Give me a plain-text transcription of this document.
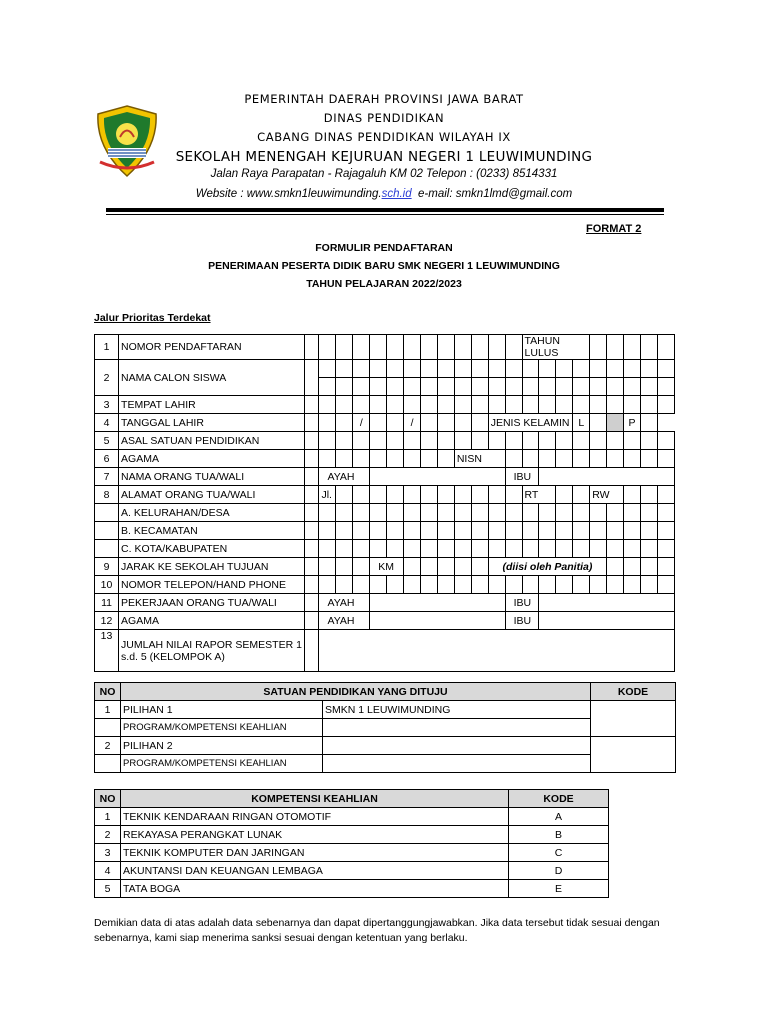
PEMERINTAH DAERAH PROVINSI JAWA BARAT
DINAS PENDIDIKAN
CABANG DINAS PENDIDIKAN WILAYAH IX
SEKOLAH MENENGAH KEJURUAN NEGERI 1 LEUWIMUNDING
Jalan Raya Parapatan - Rajagaluh KM 02 Telepon : (0233) 8514331
Website : www.smkn1leuwimunding.sch.id e-mail: smkn1lmd@gmail.com
FORMAT 2
FORMULIR PENDAFTARAN
PENERIMAAN PESERTA DIDIK BARU SMK NEGERI 1 LEUWIMUNDING
TAHUN PELAJARAN 2022/2023
Jalur Prioritas Terdekat
1	NOMOR PENDAFTARAN														TAHUN LULUS								
2	NAMA CALON SISWA																						

3	TEMPAT LAHIR																						
4	TANGGAL LAHIR				/			/					JENIS KELAMIN					L			P		
5	ASAL SATUAN PENDIDIKAN																						
6	AGAMA										NISN												
7	NAMA ORANG TUA/WALI		AYAH											IBU									
8	ALAMAT ORANG TUA/WALI		Jl.												RT				RW				
	A. KELURAHAN/DESA																						
	B. KECAMATAN																						
	C. KOTA/KABUPATEN																						
9	JARAK KE SEKOLAH TUJUAN					KM							(diisi oleh Panitia)										
10	NOMOR TELEPON/HAND PHONE																						
11	PEKERJAAN ORANG TUA/WALI		AYAH											IBU									
12	AGAMA		AYAH											IBU									
13	JUMLAH NILAI RAPOR SEMESTER 1 s.d. 5 (KELOMPOK A)																						
NO	SATUAN PENDIDIKAN YANG DITUJU		KODE
1	PILIHAN 1	SMKN 1 LEUWIMUNDING	
	PROGRAM/KOMPETENSI KEAHLIAN		
2	PILIHAN 2		
	PROGRAM/KOMPETENSI KEAHLIAN		
NO	KOMPETENSI KEAHLIAN	KODE
1	TEKNIK KENDARAAN RINGAN OTOMOTIF	A
2	REKAYASA PERANGKAT LUNAK	B
3	TEKNIK KOMPUTER DAN JARINGAN	C
4	AKUNTANSI DAN KEUANGAN LEMBAGA	D
5	TATA BOGA	E
Demikian data di atas adalah data sebenarnya dan dapat dipertanggungjawabkan. Jika data tersebut tidak sesuai dengan sebenarnya, kami siap menerima sanksi sesuai dengan ketentuan yang berlaku.
